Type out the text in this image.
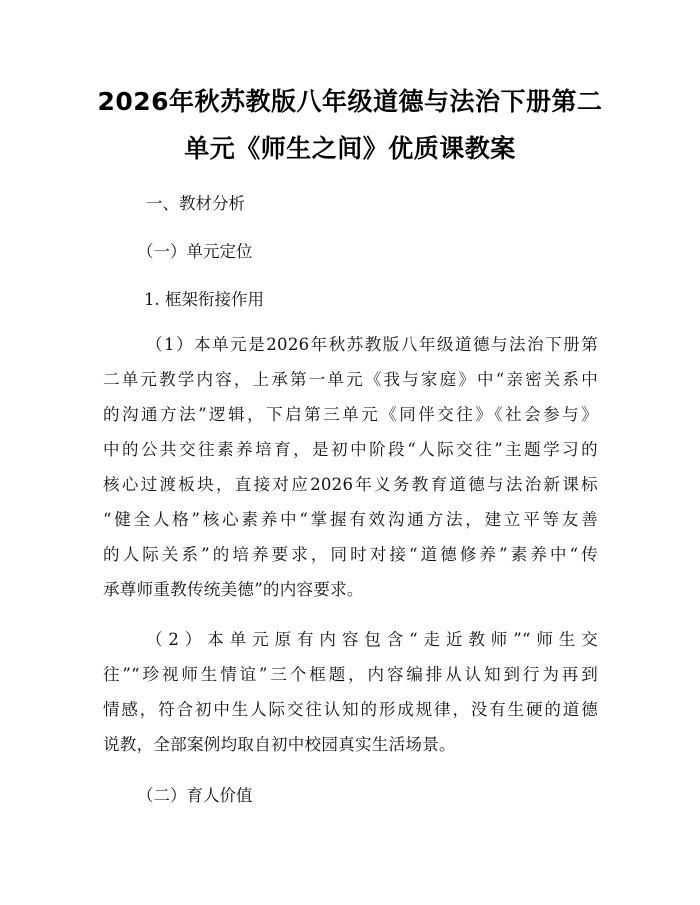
2026年秋苏教版八年级道德与法治下册第二
单元《师生之间》优质课教案
一、教材分析
（一）单元定位
1. 框架衔接作用
（1）本单元是2026年秋苏教版八年级道德与法治下册第
二单元教学内容，上承第一单元《我与家庭》中“亲密关系中
的沟通方法”逻辑，下启第三单元《同伴交往》《社会参与》
中的公共交往素养培育，是初中阶段“人际交往”主题学习的
核心过渡板块，直接对应2026年义务教育道德与法治新课标
“健全人格”核心素养中“掌握有效沟通方法，建立平等友善
的人际关系”的培养要求，同时对接“道德修养”素养中“传
承尊师重教传统美德”的内容要求。
（2）本单元原有内容包含“走近教师”“师生交
往”“珍视师生情谊”三个框题，内容编排从认知到行为再到
情感，符合初中生人际交往认知的形成规律，没有生硬的道德
说教，全部案例均取自初中校园真实生活场景。
（二）育人价值
